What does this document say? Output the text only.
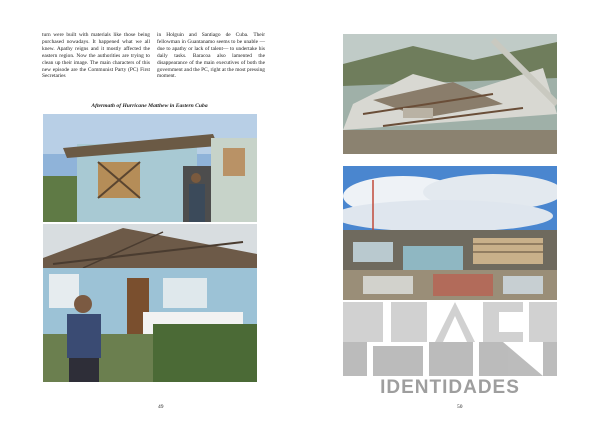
turn were built with materials like those being purchased nowadays. It happened what we all knew. Apathy reigns and it mostly affected the eastern region. Now the authorities are trying to clean up their image. The main characters of this new episode are the Communist Party (PC) First Secretaries

in Holguin and Santiago de Cuba. Their fellowman in Guantanamo seems to be unable —due to apathy or lack of talent— to undertake his daily tasks. Baracoa also lamented the disappearance of the main executives of both the government and the PC, right at the most pressing moment.

Aftermath of Hurricane Matthew in Eastern Cuba
IDENTIDADES
49	50
